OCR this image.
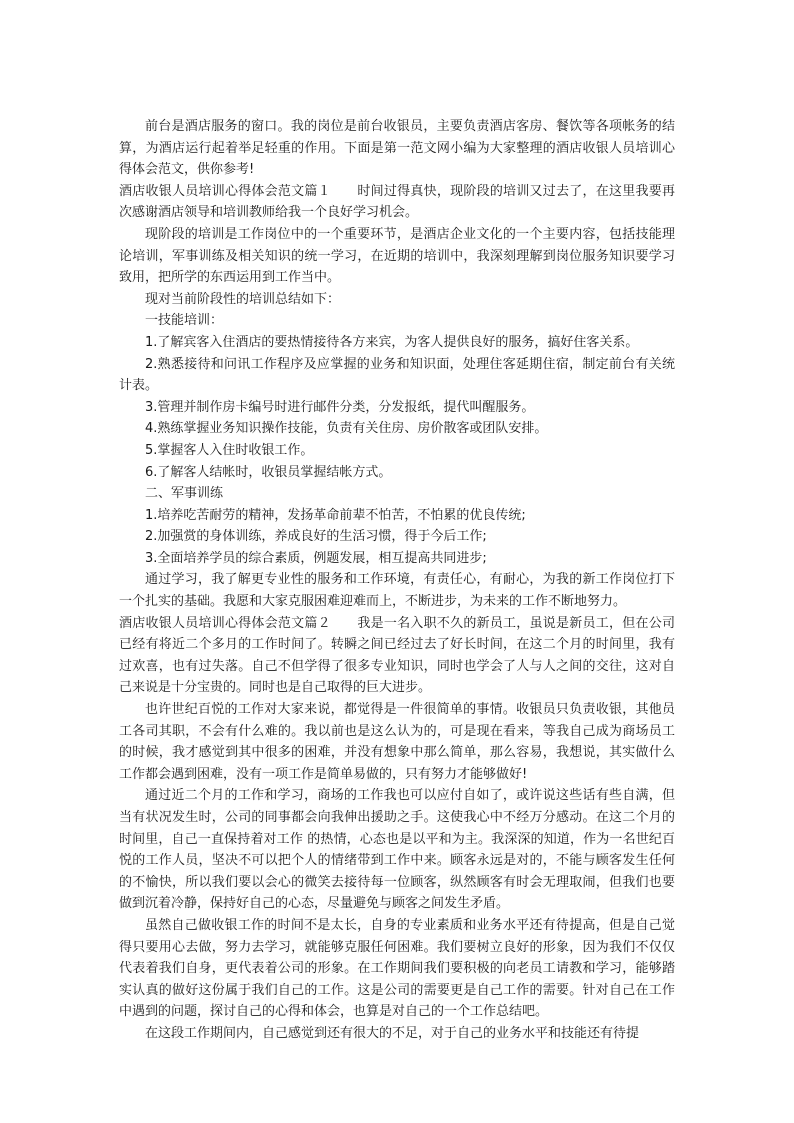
前台是酒店服务的窗口。我的岗位是前台收银员，主要负责酒店客房、餐饮等各项帐务的结算，为酒店运行起着举足轻重的作用。下面是第一范文网小编为大家整理的酒店收银人员培训心得体会范文，供你参考!

酒店收银人员培训心得体会范文篇１　　时间过得真快，现阶段的培训又过去了，在这里我要再次感谢酒店领导和培训教师给我一个良好学习机会。

现阶段的培训是工作岗位中的一个重要环节，是酒店企业文化的一个主要内容，包括技能理论培训，军事训练及相关知识的统一学习，在近期的培训中，我深刻理解到岗位服务知识要学习致用，把所学的东西运用到工作当中。

现对当前阶段性的培训总结如下：

一技能培训：

1.了解宾客入住酒店的要热情接待各方来宾，为客人提供良好的服务，搞好住客关系。

2.熟悉接待和问讯工作程序及应掌握的业务和知识面，处理住客延期住宿，制定前台有关统计表。

3.管理并制作房卡编号时进行邮件分类，分发报纸，提代叫醒服务。

4.熟练掌握业务知识操作技能，负责有关住房、房价散客或团队安排。

5.掌握客人入住时收银工作。

6.了解客人结帐时，收银员掌握结帐方式。

二、军事训练

1.培养吃苦耐劳的精神，发扬革命前辈不怕苦，不怕累的优良传统;

2.加强赏的身体训练，养成良好的生活习惯，得于今后工作;

3.全面培养学员的综合素质，例题发展，相互提高共同进步;

通过学习，我了解更专业性的服务和工作环境，有责任心，有耐心，为我的新工作岗位打下一个扎实的基础。我愿和大家克服困难迎难而上，不断进步，为未来的工作不断地努力。

酒店收银人员培训心得体会范文篇２　　我是一名入职不久的新员工，虽说是新员工，但在公司已经有将近二个多月的工作时间了。转瞬之间已经过去了好长时间，在这二个月的时间里，我有过欢喜，也有过失落。自己不但学得了很多专业知识，同时也学会了人与人之间的交往，这对自己来说是十分宝贵的。同时也是自己取得的巨大进步。

也许世纪百悦的工作对大家来说，都觉得是一件很简单的事情。收银员只负责收银，其他员工各司其职，不会有什么难的。我以前也是这么认为的，可是现在看来，等我自己成为商场员工的时候，我才感觉到其中很多的困难，并没有想象中那么简单，那么容易，我想说，其实做什么工作都会遇到困难，没有一项工作是简单易做的，只有努力才能够做好!

通过近二个月的工作和学习，商场的工作我也可以应付自如了，或许说这些话有些自满，但当有状况发生时，公司的同事都会向我伸出援助之手。这使我心中不经万分感动。在这二个月的时间里，自己一直保持着对工作 的热情，心态也是以平和为主。我深深的知道，作为一名世纪百悦的工作人员，坚决不可以把个人的情绪带到工作中来。顾客永远是对的，不能与顾客发生任何的不愉快，所以我们要以会心的微笑去接待每一位顾客，纵然顾客有时会无理取闹，但我们也要做到沉着冷静，保持好自己的心态，尽量避免与顾客之间发生矛盾。

虽然自己做收银工作的时间不是太长，自身的专业素质和业务水平还有待提高，但是自己觉得只要用心去做，努力去学习，就能够克服任何困难。我们要树立良好的形象，因为我们不仅仅代表着我们自身，更代表着公司的形象。在工作期间我们要积极的向老员工请教和学习，能够踏实认真的做好这份属于我们自己的工作。这是公司的需要更是自己工作的需要。针对自己在工作中遇到的问题，探讨自己的心得和体会，也算是对自己的一个工作总结吧。

在这段工作期间内，自己感觉到还有很大的不足，对于自己的业务水平和技能还有待提
